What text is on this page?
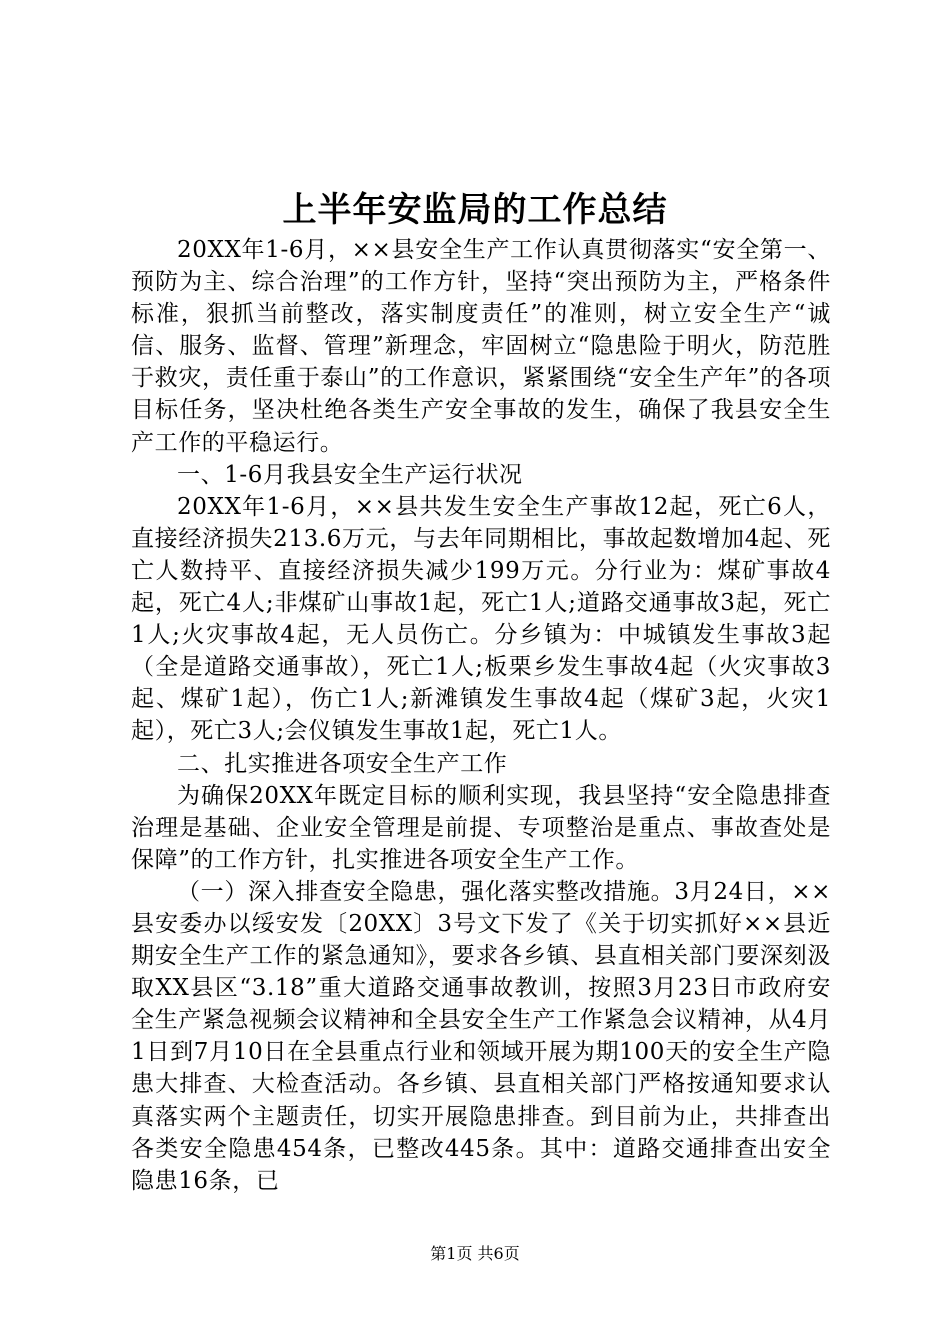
上半年安监局的工作总结

20XX年1-6月，××县安全生产工作认真贯彻落实“安全第一、预防为主、综合治理”的工作方针，坚持“突出预防为主，严格条件标准，狠抓当前整改，落实制度责任”的准则，树立安全生产“诚信、服务、监督、管理”新理念，牢固树立“隐患险于明火，防范胜于救灾，责任重于泰山”的工作意识，紧紧围绕“安全生产年”的各项目标任务，坚决杜绝各类生产安全事故的发生，确保了我县安全生产工作的平稳运行。

一、1-6月我县安全生产运行状况

20XX年1-6月，××县共发生安全生产事故12起，死亡6人，直接经济损失213.6万元，与去年同期相比，事故起数增加4起、死亡人数持平、直接经济损失减少199万元。分行业为：煤矿事故4起，死亡4人;非煤矿山事故1起，死亡1人;道路交通事故3起，死亡1人;火灾事故4起，无人员伤亡。分乡镇为：中城镇发生事故3起（全是道路交通事故），死亡1人;板栗乡发生事故4起（火灾事故3起、煤矿1起），伤亡1人;新滩镇发生事故4起（煤矿3起，火灾1起），死亡3人;会仪镇发生事故1起，死亡1人。

二、扎实推进各项安全生产工作

为确保20XX年既定目标的顺利实现，我县坚持“安全隐患排查治理是基础、企业安全管理是前提、专项整治是重点、事故查处是保障”的工作方针，扎实推进各项安全生产工作。

（一）深入排查安全隐患，强化落实整改措施。3月24日，××县安委办以绥安发〔20XX〕3号文下发了《关于切实抓好××县近期安全生产工作的紧急通知》，要求各乡镇、县直相关部门要深刻汲取XX县区“3.18”重大道路交通事故教训，按照3月23日市政府安全生产紧急视频会议精神和全县安全生产工作紧急会议精神，从4月1日到7月10日在全县重点行业和领域开展为期100天的安全生产隐患大排查、大检查活动。各乡镇、县直相关部门严格按通知要求认真落实两个主题责任，切实开展隐患排查。到目前为止，共排查出各类安全隐患454条，已整改445条。其中：道路交通排查出安全隐患16条，已

第1页 共6页
